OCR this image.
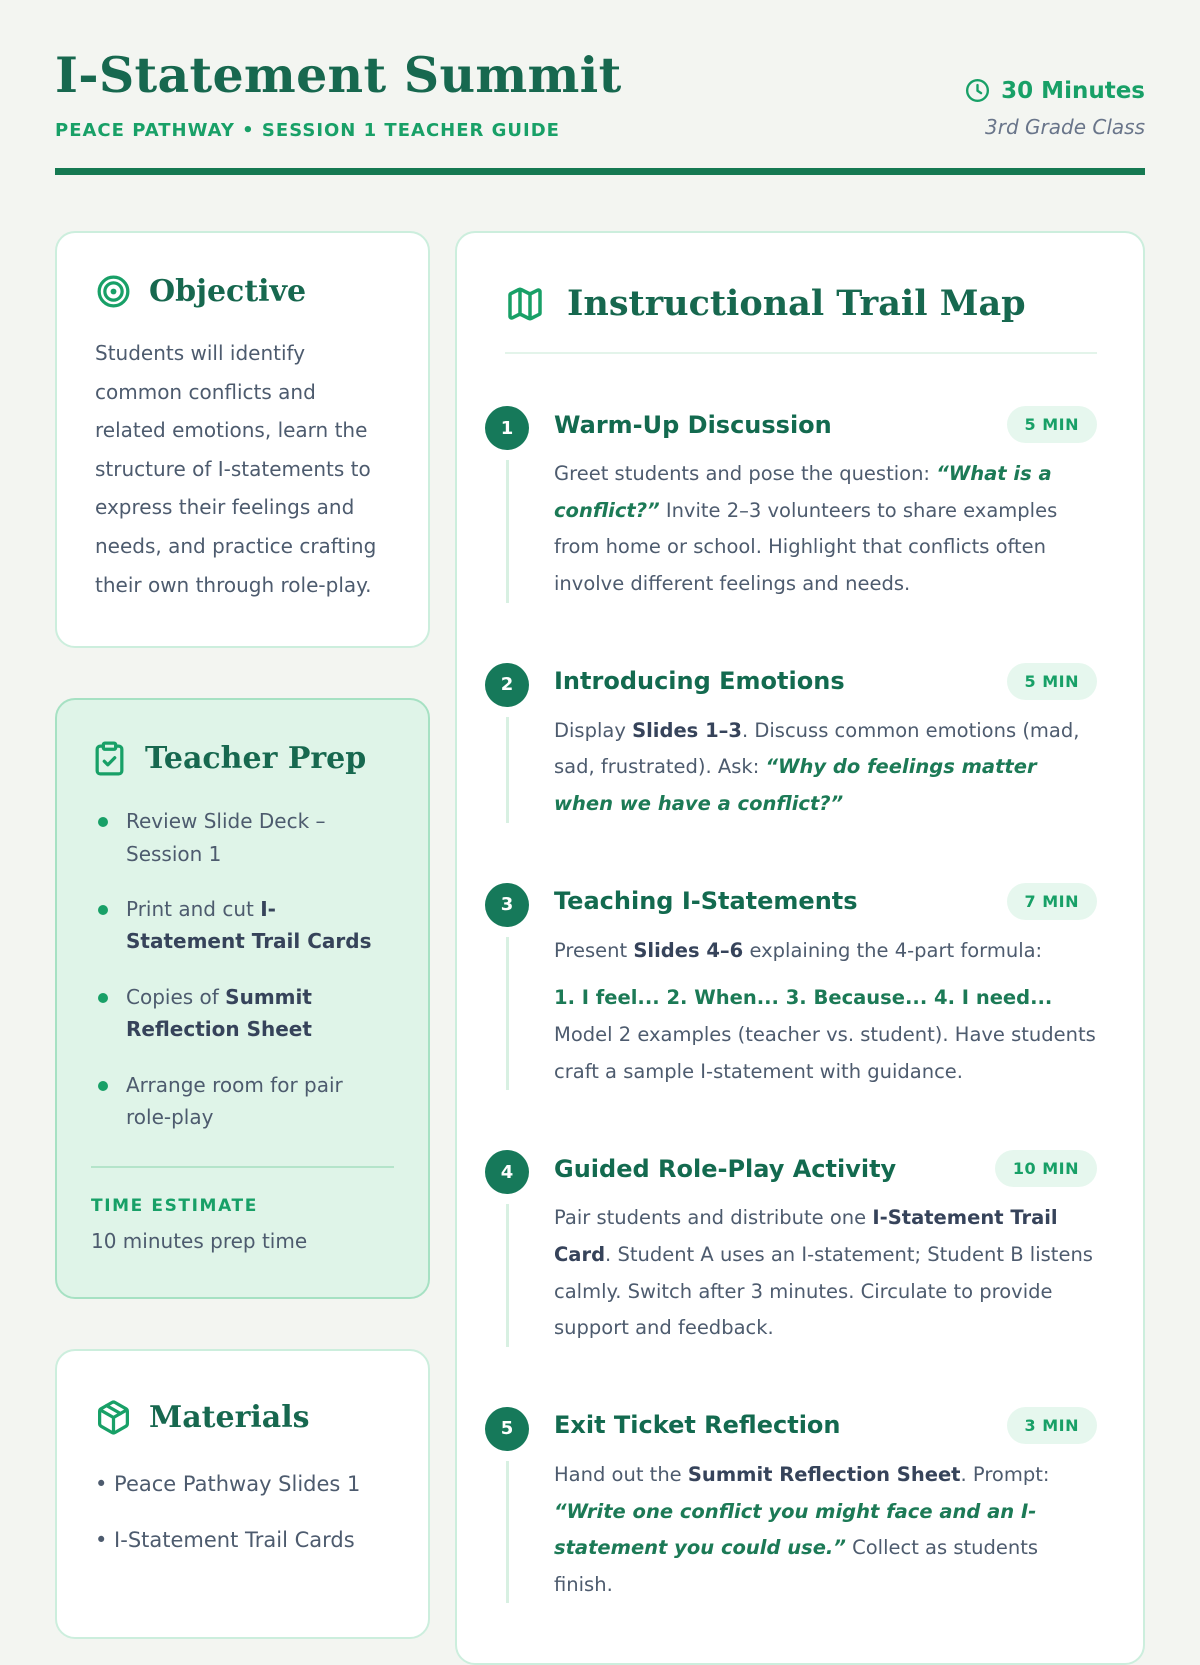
I-Statement Summit
PEACE PATHWAY • SESSION 1 TEACHER GUIDE
30 Minutes
3rd Grade Class
Objective

Students will identify common conflicts and related emotions, learn the structure of I-statements to express their feelings and needs, and practice crafting their own through role-play.

Teacher Prep
Review Slide Deck – Session 1
Print and cut I-Statement Trail Cards
Copies of Summit Reflection Sheet
Arrange room for pair role-play
TIME ESTIMATE
10 minutes prep time
Materials
• Peace Pathway Slides 1
• I-Statement Trail Cards
Instructional Trail Map
1	Warm-Up Discussion	5 MIN

Greet students and pose the question: “What is a conflict?” Invite 2–3 volunteers to share examples from home or school. Highlight that conflicts often involve different feelings and needs.

2	Introducing Emotions	5 MIN

Display Slides 1–3. Discuss common emotions (mad, sad, frustrated). Ask: “Why do feelings matter when we have a conflict?”

3	Teaching I-Statements	7 MIN

Present Slides 4–6 explaining the 4-part formula:
1. I feel... 2. When... 3. Because... 4. I need...
Model 2 examples (teacher vs. student). Have students craft a sample I-statement with guidance.

4	Guided Role-Play Activity	10 MIN

Pair students and distribute one I-Statement Trail Card. Student A uses an I-statement; Student B listens calmly. Switch after 3 minutes. Circulate to provide support and feedback.

5	Exit Ticket Reflection	3 MIN

Hand out the Summit Reflection Sheet. Prompt: “Write one conflict you might face and an I-statement you could use.” Collect as students finish.
